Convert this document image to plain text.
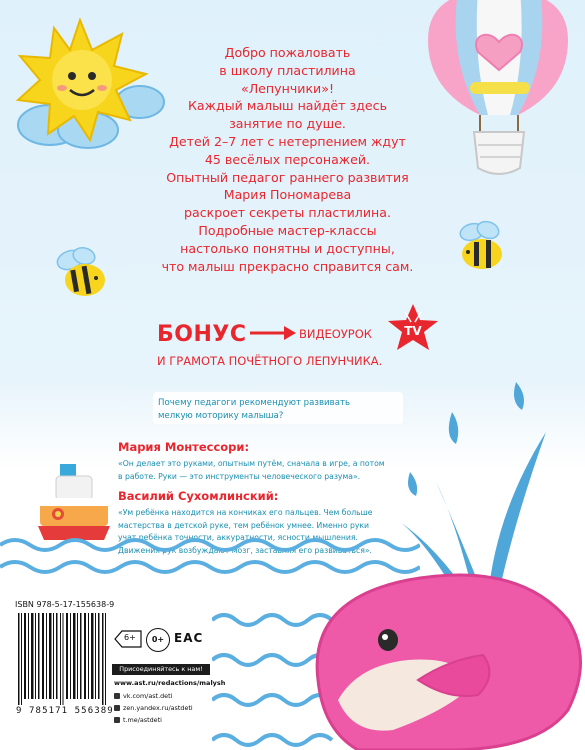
Добро пожаловать
в школу пластилина
«Лепунчики»!
Каждый малыш найдёт здесь
занятие по душе.
Детей 2–7 лет с нетерпением ждут
45 весёлых персонажей.
Опытный педагог раннего развития
Мария Пономарева
раскроет секреты пластилина.
Подробные мастер-классы
настолько понятны и доступны,
что малыш прекрасно справится сам.
БОНУС	ВИДЕОУРОК	TV
И ГРАМОТА ПОЧЁТНОГО ЛЕПУНЧИКА.
Почему педагоги рекомендуют развивать
мелкую моторику малыша?
Мария Монтессори:
«Он делает это руками, опытным путём, сначала в игре, а потом
в работе. Руки — это инструменты человеческого разума».
Василий Сухомлинский:
«Ум ребёнка находится на кончиках его пальцев. Чем больше
мастерства в детской руке, тем ребёнок умнее. Именно руки
учат ребёнка точности, аккуратности, ясности мышления.
Движения рук возбуждают мозг, заставляя его развиваться».
ISBN 978-5-17-155638-9
9 785171 556389
6+	0+ EAC
Присоединяйтесь к нам!
www.ast.ru/redactions/malysh
vk.com/ast.deti
zen.yandex.ru/astdeti
t.me/astdeti
